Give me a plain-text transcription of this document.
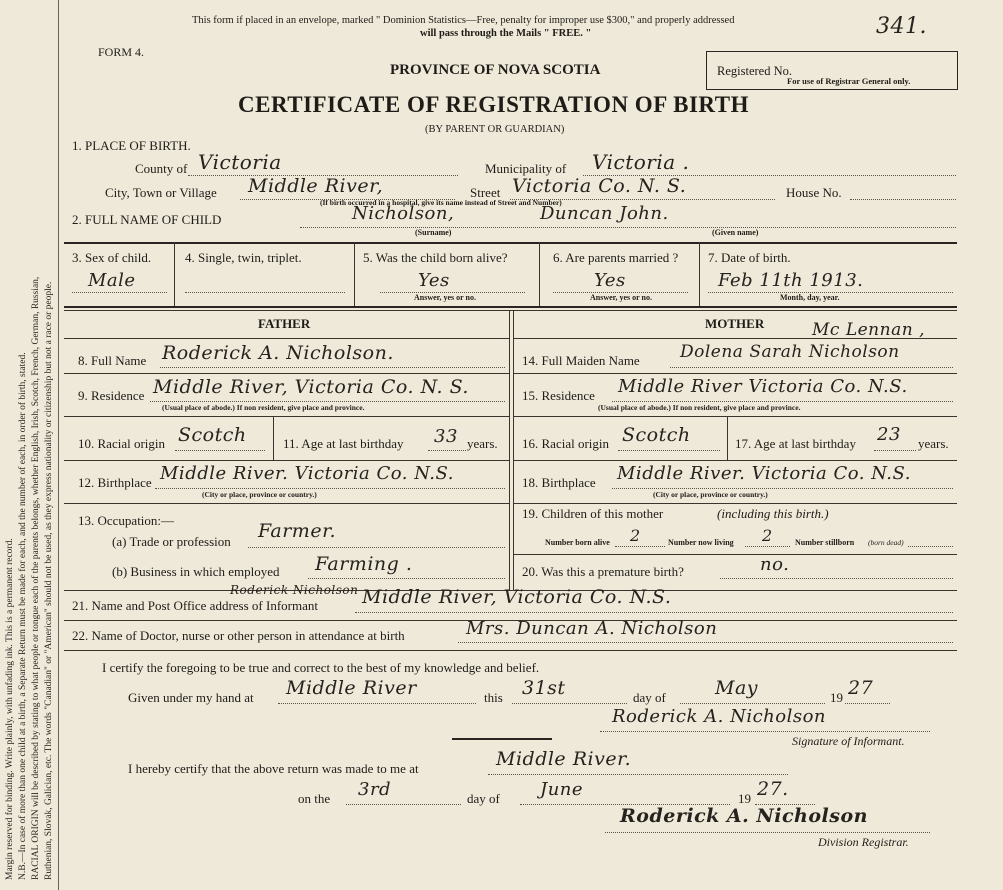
Margin reserved for binding. Write plainly, with unfading ink. This is a permanent record. N.B.—In case of more than one child at a birth, a Separate Return must be made for each, and the number of each, in order of birth, stated. RACIAL ORIGIN will be described by stating to what people or tongue each of the parents belongs, whether English, Irish, Scotch, French, German, Russian, Ruthenian, Slovak, Galician, etc. The words "Canadian" or "American" should not be used, as they express nationality or citizenship but not a race or people.
This form if placed in an envelope, marked " Dominion Statistics—Free, penalty for improper use $300," and properly addressed
will pass through the Mails " FREE. "	341.
FORM 4.
PROVINCE OF NOVA SCOTIA
CERTIFICATE OF REGISTRATION OF BIRTH
(BY PARENT OR GUARDIAN)
Registered No.
For use of Registrar General only.
1. PLACE OF BIRTH.
County of Victoria	Municipality of Victoria .
City, Town or Village Middle River,	Street Victoria Co. N. S.	House No.
(If birth occurred in a hospital, give its name instead of Street and Number)
2. FULL NAME OF CHILD	Nicholson,	Duncan John.
(Surname)	(Given name)
3. Sex of child.
Male
4. Single, twin, triplet.	5. Was the child born alive?
Yes
Answer, yes or no.
6. Are parents married ?
Yes
Answer, yes or no.
7. Date of birth.
Feb 11th 1913.
Month, day, year.
FATHER
8. Full Name Roderick A. Nicholson.
9. Residence Middle River, Victoria Co. N. S.
(Usual place of abode.) If non resident, give place and province.
10. Racial origin Scotch	11. Age at last birthday 33 years.
12. Birthplace Middle River. Victoria Co. N.S.
(City or place, province or country.)
13. Occupation:—
(a) Trade or profession Farmer.
(b) Business in which employed Farming .
MOTHER	Mc Lennan ,
14. Full Maiden Name Dolena Sarah Nicholson
15. Residence Middle River Victoria Co. N.S.
(Usual place of abode.) If non resident, give place and province.
16. Racial origin Scotch	17. Age at last birthday 23 years.
18. Birthplace Middle River. Victoria Co. N.S.
(City or place, province or country.)
19. Children of this mother	(including this birth.)
Number born alive 2	Number now living 2	Number stillborn (born dead)
20. Was this a premature birth?	no.
Roderick Nicholson
21. Name and Post Office address of Informant Middle River, Victoria Co. N.S.
22. Name of Doctor, nurse or other person in attendance at birth	Mrs. Duncan A. Nicholson
I certify the foregoing to be true and correct to the best of my knowledge and belief.
Given under my hand at Middle River	this 31st	day of	May	19 27
Roderick A. Nicholson
Signature of Informant.
I hereby certify that the above return was made to me at	Middle River.
on the 3rd	day of June	19 27.
Roderick A. Nicholson
Division Registrar.
